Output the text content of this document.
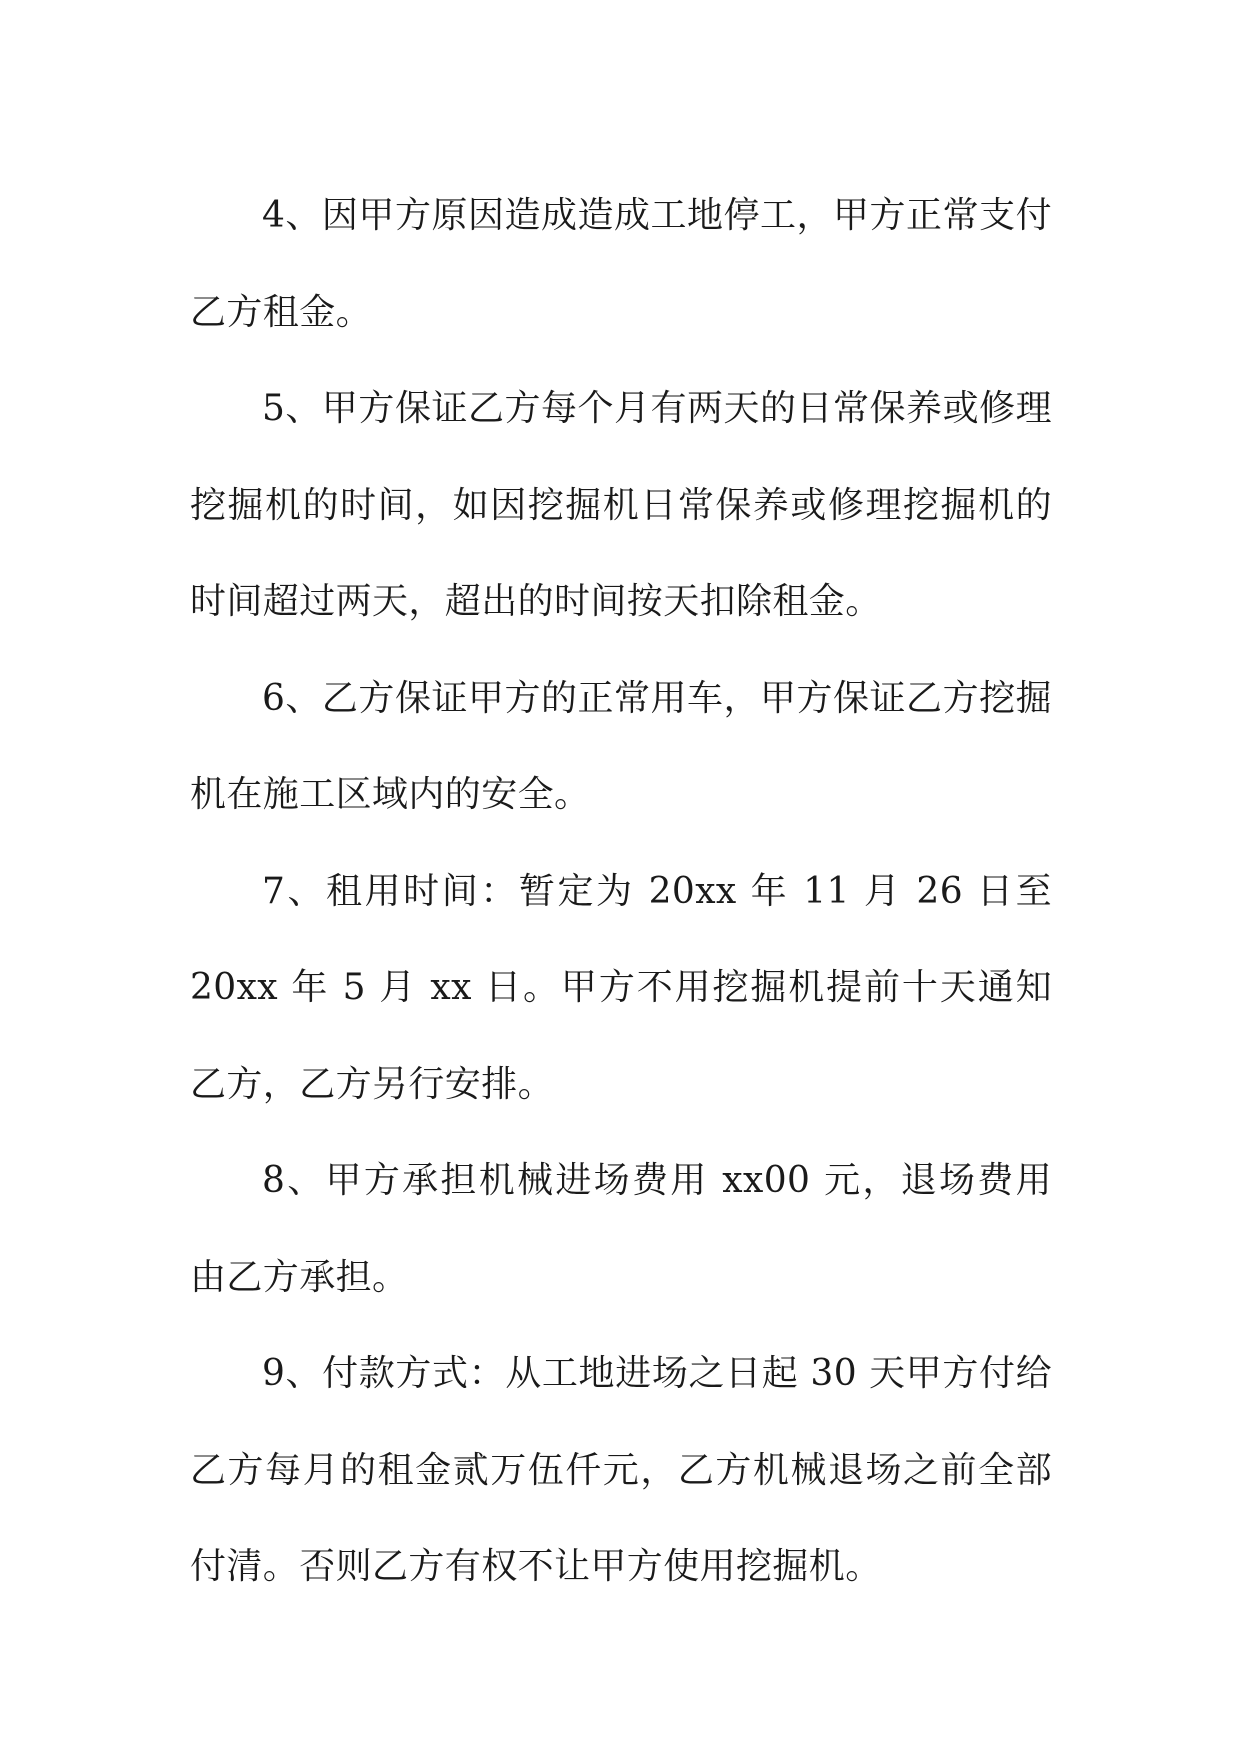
4、因甲方原因造成造成工地停工，甲方正常支付乙方租金。

5、甲方保证乙方每个月有两天的日常保养或修理挖掘机的时间，如因挖掘机日常保养或修理挖掘机的时间超过两天，超出的时间按天扣除租金。

6、乙方保证甲方的正常用车，甲方保证乙方挖掘机在施工区域内的安全。

7、租用时间：暂定为 20xx 年 11 月 26 日至 20xx 年 5 月 xx 日。甲方不用挖掘机提前十天通知乙方，乙方另行安排。

8、甲方承担机械进场费用 xx00 元，退场费用由乙方承担。

9、付款方式：从工地进场之日起 30 天甲方付给乙方每月的租金贰万伍仟元，乙方机械退场之前全部付清。否则乙方有权不让甲方使用挖掘机。
